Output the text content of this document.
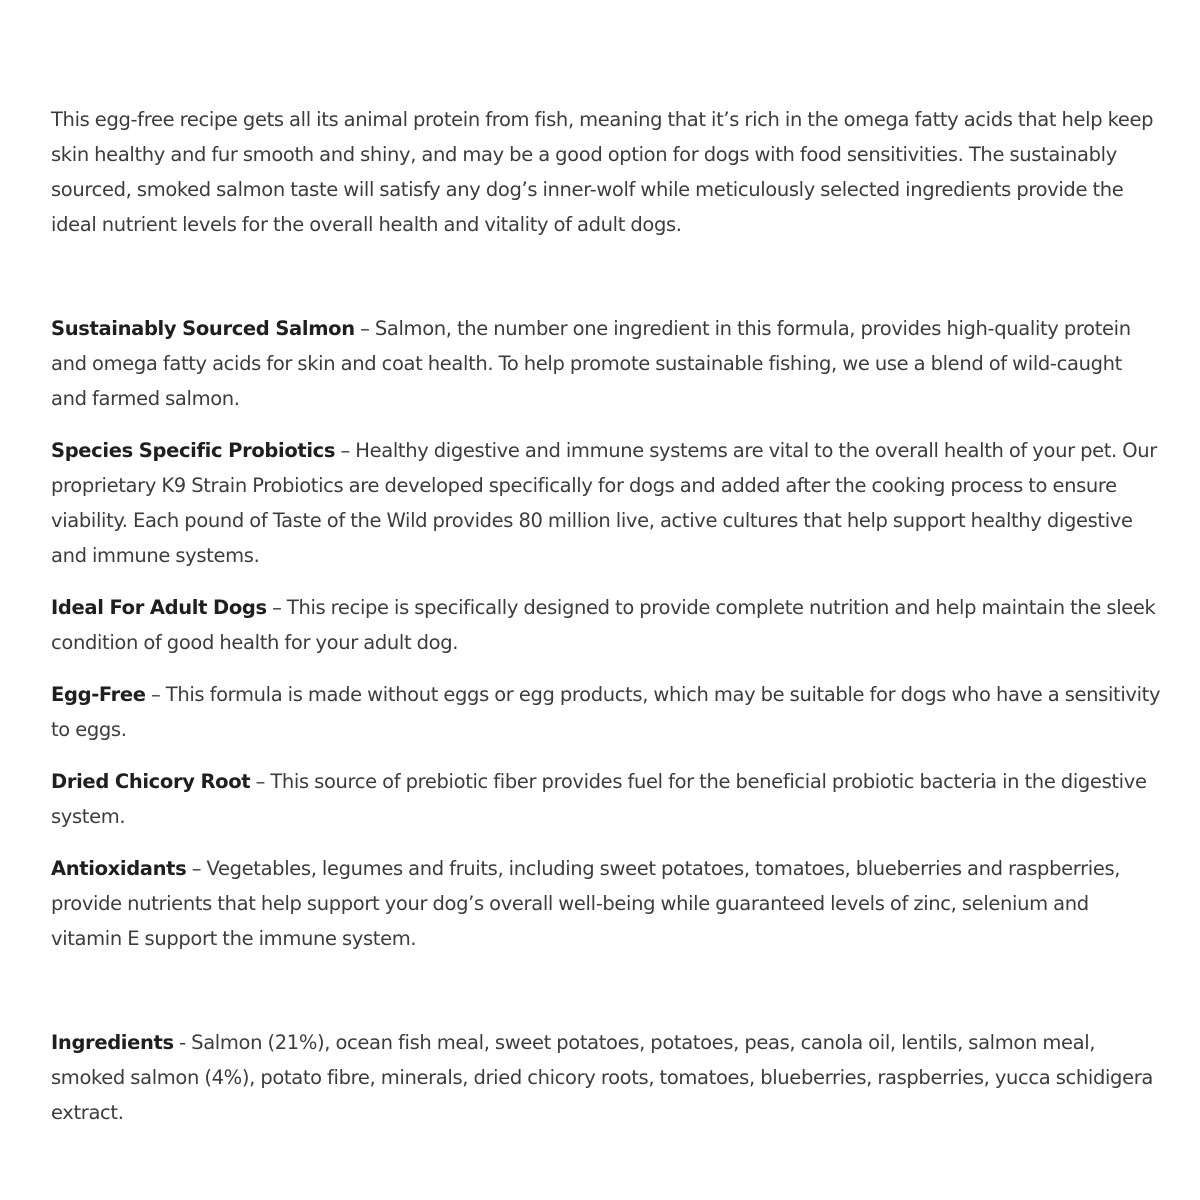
This egg-free recipe gets all its animal protein from fish, meaning that it’s rich in the omega fatty acids that help keep skin healthy and fur smooth and shiny, and may be a good option for dogs with food sensitivities. The sustainably sourced, smoked salmon taste will satisfy any dog’s inner-wolf while meticulously selected ingredients provide the ideal nutrient levels for the overall health and vitality of adult dogs.

Sustainably Sourced Salmon – Salmon, the number one ingredient in this formula, provides high-quality protein and omega fatty acids for skin and coat health. To help promote sustainable fishing, we use a blend of wild-caught and farmed salmon.

Species Specific Probiotics – Healthy digestive and immune systems are vital to the overall health of your pet. Our proprietary K9 Strain Probiotics are developed specifically for dogs and added after the cooking process to ensure viability. Each pound of Taste of the Wild provides 80 million live, active cultures that help support healthy digestive and immune systems.

Ideal For Adult Dogs – This recipe is specifically designed to provide complete nutrition and help maintain the sleek condition of good health for your adult dog.

Egg-Free – This formula is made without eggs or egg products, which may be suitable for dogs who have a sensitivity to eggs.

Dried Chicory Root – This source of prebiotic fiber provides fuel for the beneficial probiotic bacteria in the digestive system.

Antioxidants – Vegetables, legumes and fruits, including sweet potatoes, tomatoes, blueberries and raspberries, provide nutrients that help support your dog’s overall well-being while guaranteed levels of zinc, selenium and vitamin E support the immune system.

Ingredients - Salmon (21%), ocean fish meal, sweet potatoes, potatoes, peas, canola oil, lentils, salmon meal, smoked salmon (4%), potato fibre, minerals, dried chicory roots, tomatoes, blueberries, raspberries, yucca schidigera extract.
